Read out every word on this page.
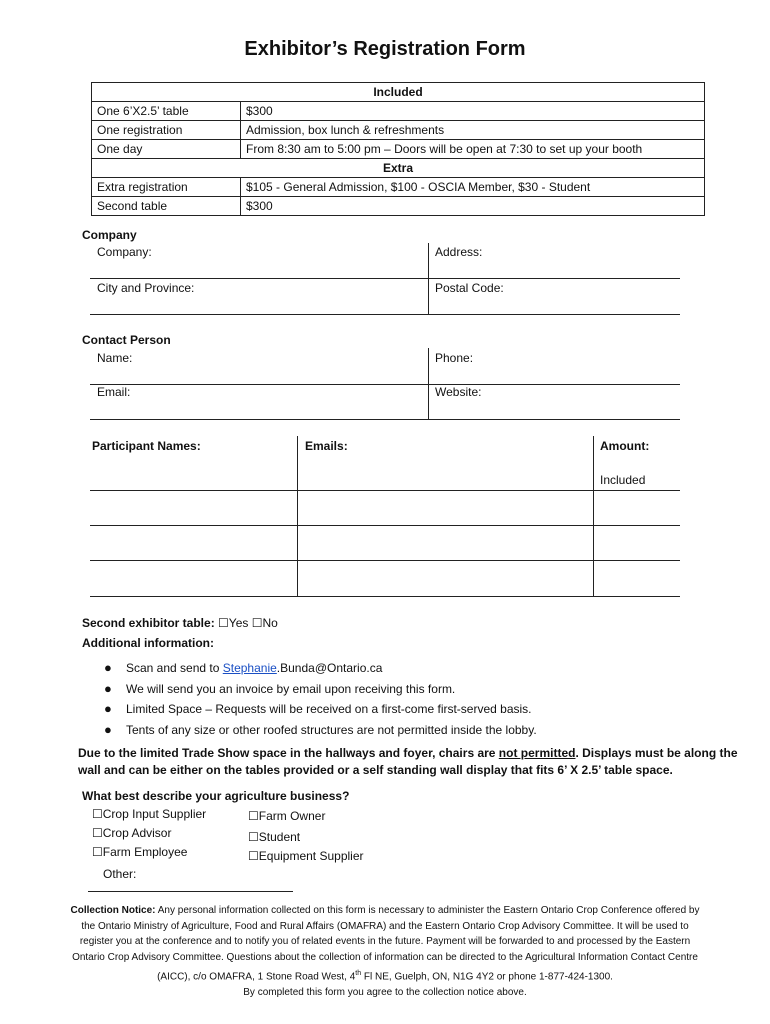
Exhibitor’s Registration Form
Included	
One 6’X2.5’ table	$300
One registration	Admission, box lunch & refreshments
One day	From 8:30 am to 5:00 pm – Doors will be open at 7:30 to set up your booth
Extra	
Extra registration	$105 - General Admission, $100 - OSCIA Member, $30 - Student
Second table	$300
Company
Company:	Address:
City and Province:	Postal Code:
Contact Person
Name:	Phone:
Email:	Website:
Participant Names:	Emails:	Amount:
Included
Second exhibitor table: ☐Yes ☐No
Additional information:
● Scan and send to Stephanie.Bunda@Ontario.ca
● We will send you an invoice by email upon receiving this form.
● Limited Space – Requests will be received on a first-come first-served basis.
● Tents of any size or other roofed structures are not permitted inside the lobby.
Due to the limited Trade Show space in the hallways and foyer, chairs are not permitted. Displays must be along the wall and can be either on the tables provided or a self standing wall display that fits 6’ X 2.5’ table space.
What best describe your agriculture business?
☐Crop Input Supplier
☐Crop Advisor
☐Farm Employee
☐Farm Owner
☐Student
☐Equipment Supplier
Other:
Collection Notice: Any personal information collected on this form is necessary to administer the Eastern Ontario Crop Conference offered by the Ontario Ministry of Agriculture, Food and Rural Affairs (OMAFRA) and the Eastern Ontario Crop Advisory Committee. It will be used to register you at the conference and to notify you of related events in the future. Payment will be forwarded to and processed by the Eastern Ontario Crop Advisory Committee. Questions about the collection of information can be directed to the Agricultural Information Contact Centre (AICC), c/o OMAFRA, 1 Stone Road West, 4th Fl NE, Guelph, ON, N1G 4Y2 or phone 1-877-424-1300.
By completed this form you agree to the collection notice above.
